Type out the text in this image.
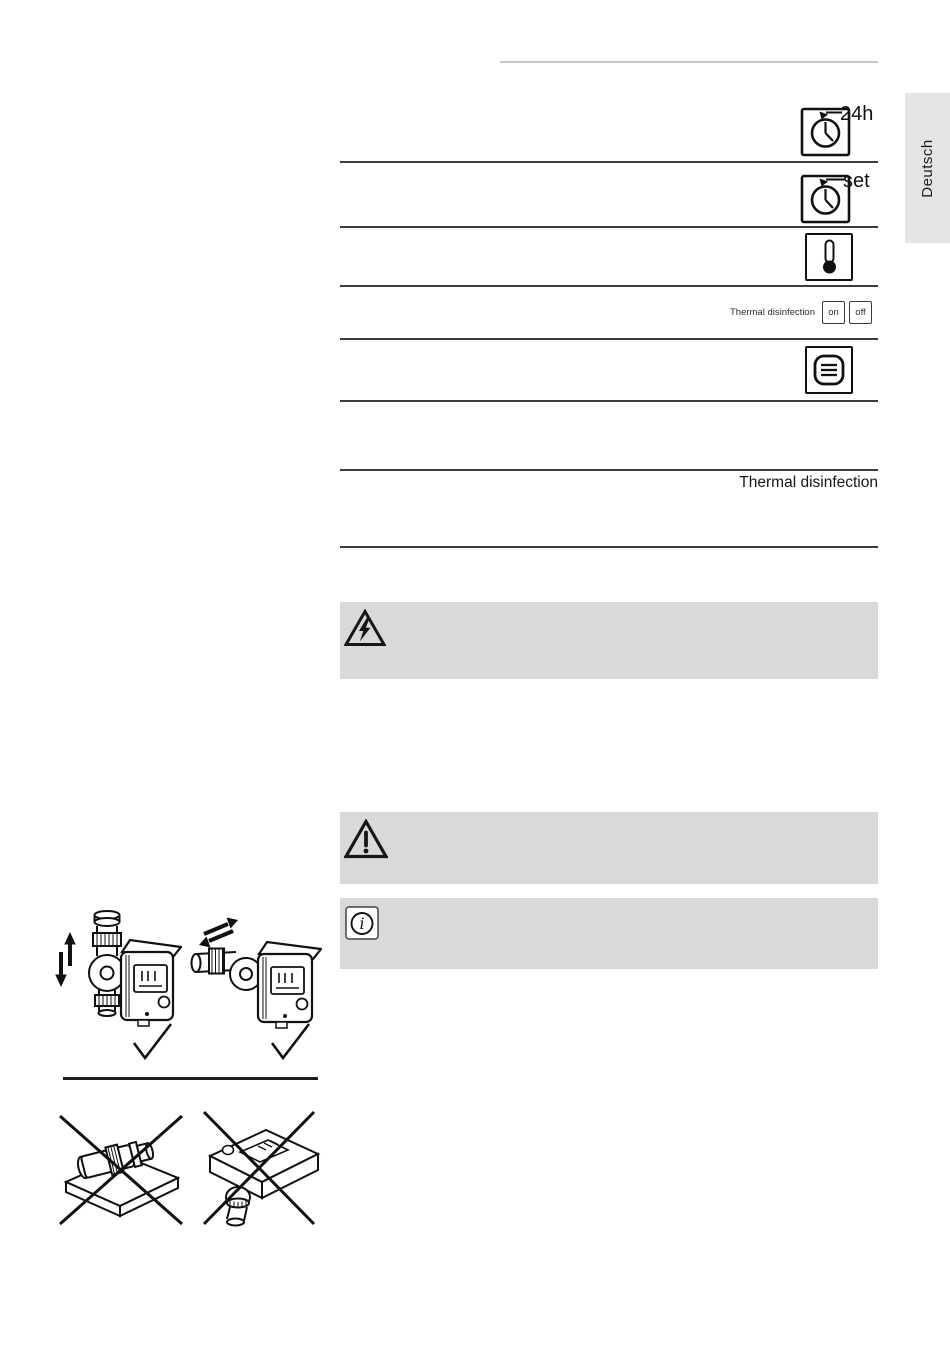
Deutsch
24h
set
Thermal disinfection	on	off
Thermal disinfection
i
